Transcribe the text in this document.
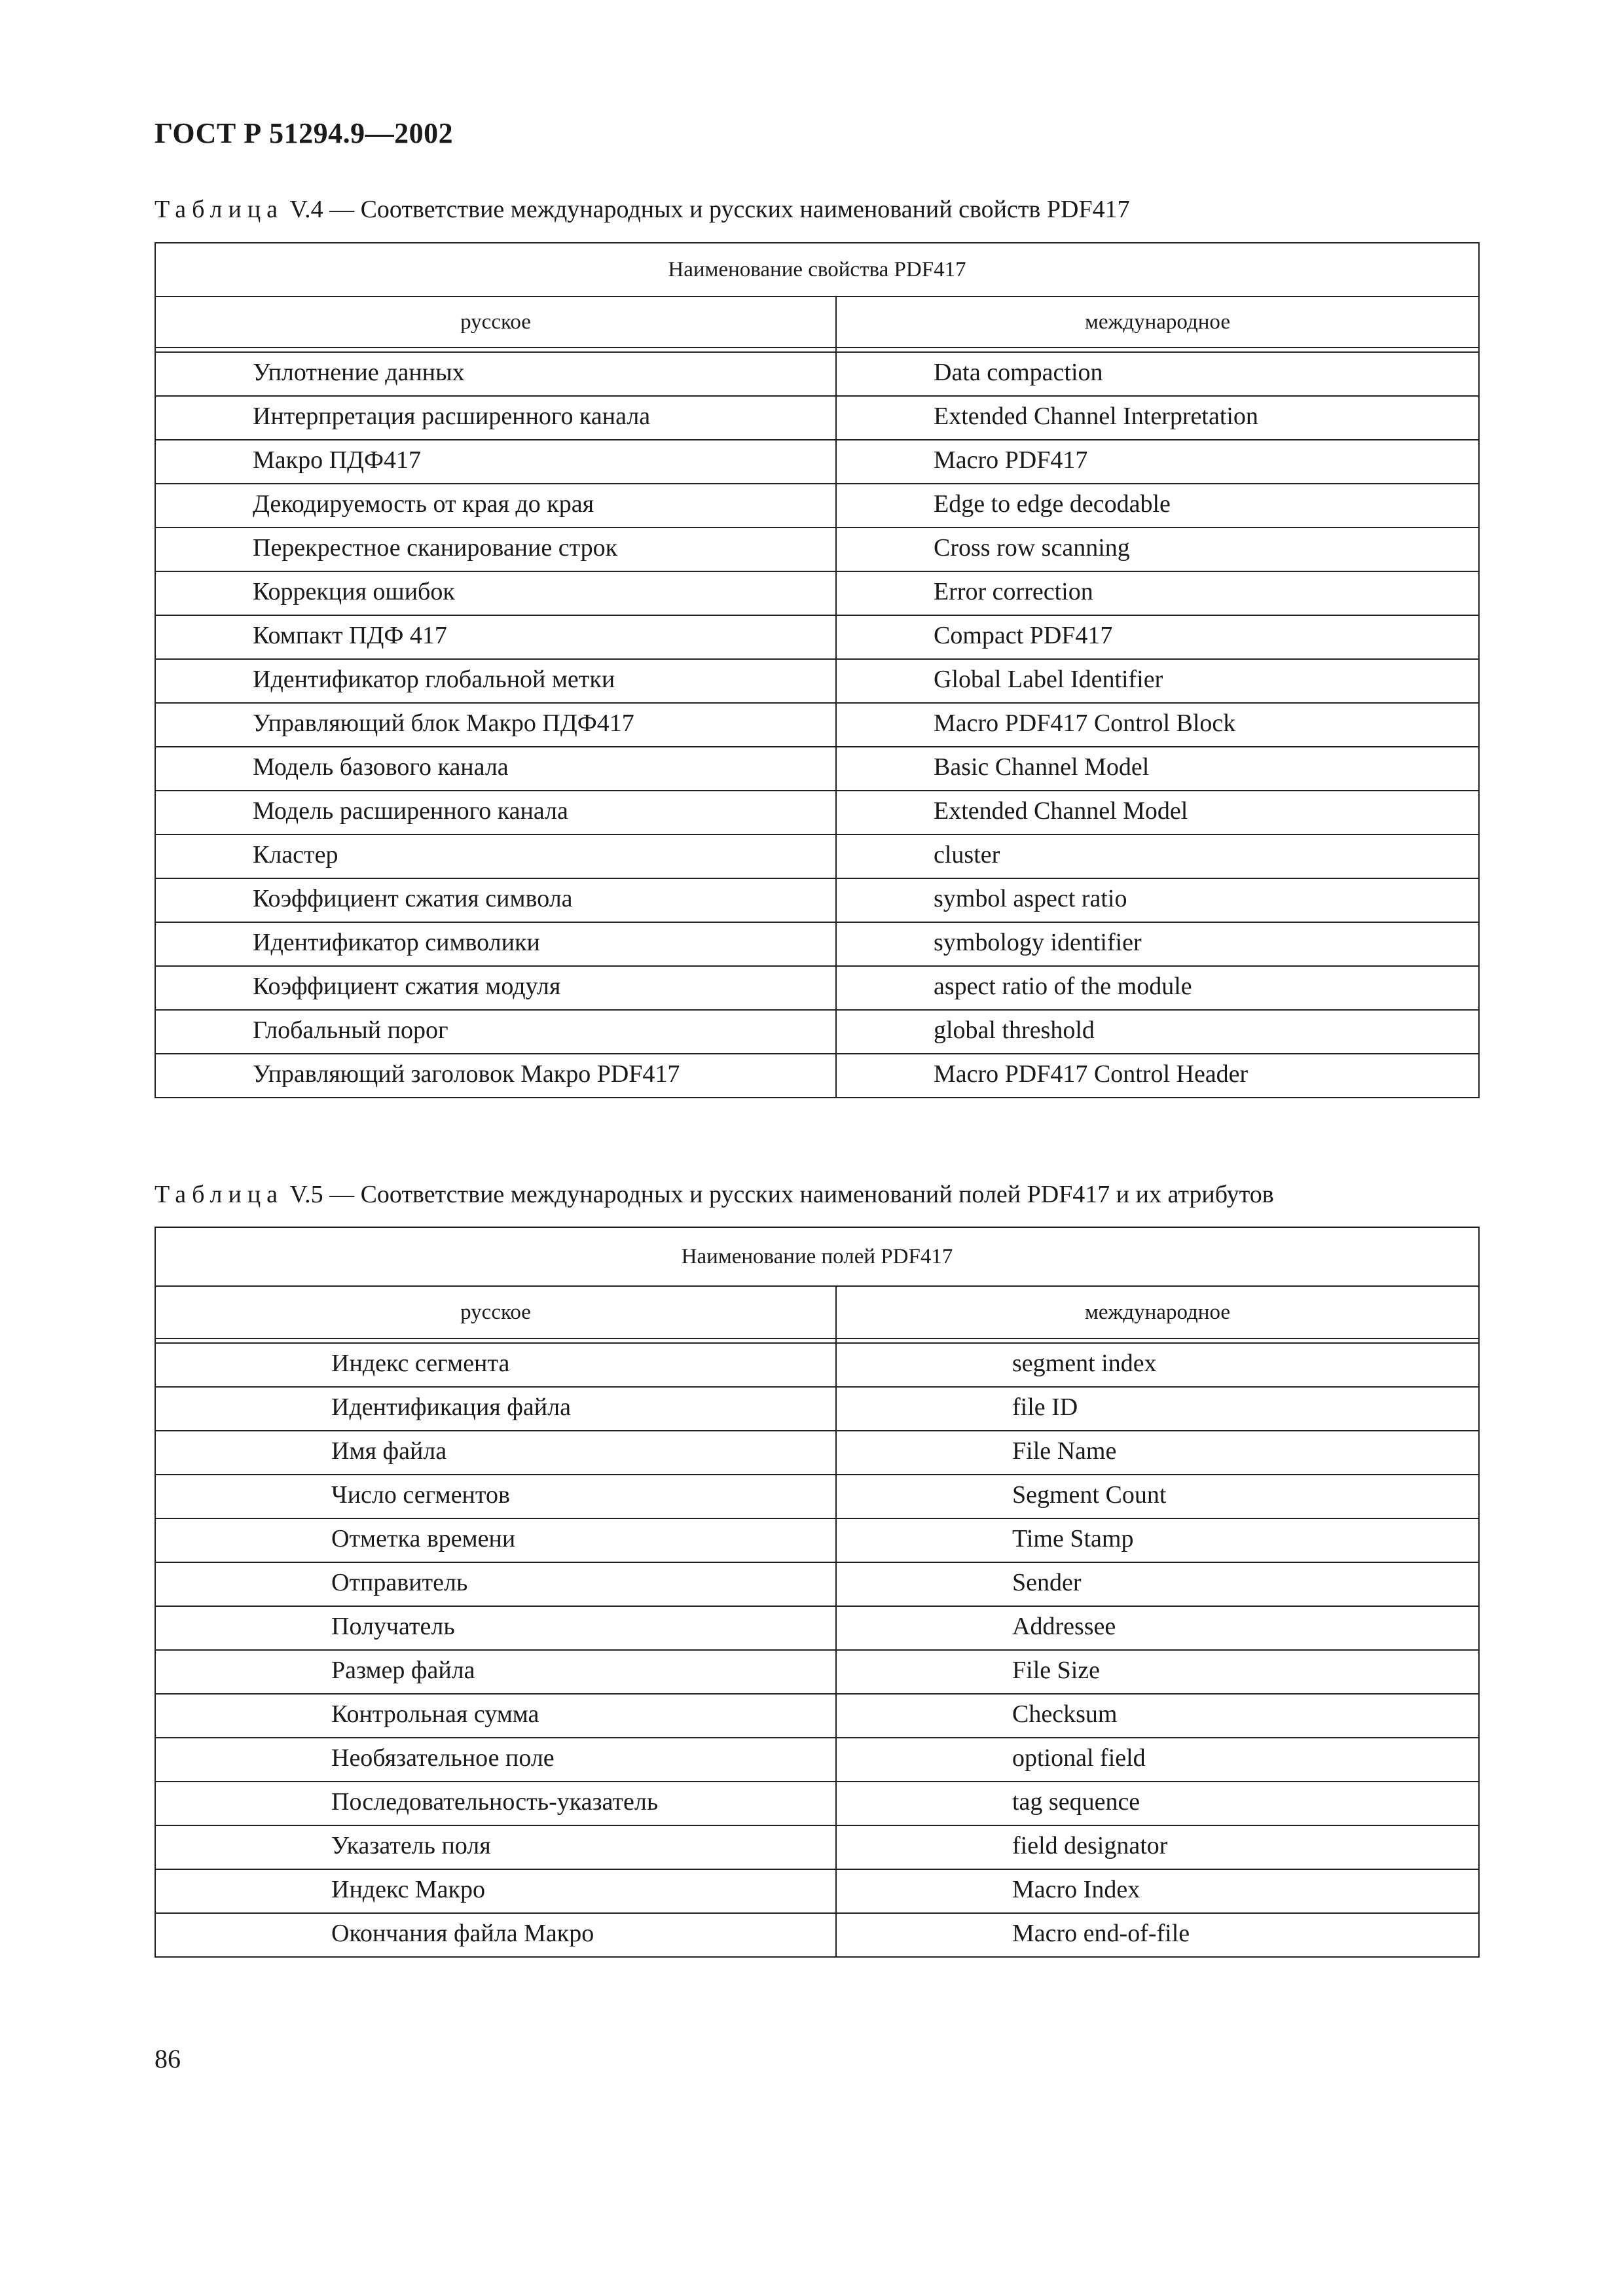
ГОСТ Р 51294.9—2002
Таблица V.4 — Соответствие международных и русских наименований свойств PDF417
Наименование свойства PDF417	
русское	международное

Уплотнение данных	Data compaction
Интерпретация расширенного канала	Extended Channel Interpretation
Макро ПДФ417	Macro PDF417
Декодируемость от края до края	Edge to edge decodable
Перекрестное сканирование строк	Cross row scanning
Коррекция ошибок	Error correction
Компакт ПДФ 417	Compact PDF417
Идентификатор глобальной метки	Global Label Identifier
Управляющий блок Макро ПДФ417	Macro PDF417 Control Block
Модель базового канала	Basic Channel Model
Модель расширенного канала	Extended Channel Model
Кластер	cluster
Коэффициент сжатия символа	symbol aspect ratio
Идентификатор символики	symbology identifier
Коэффициент сжатия модуля	aspect ratio of the module
Глобальный порог	global threshold
Управляющий заголовок Макро PDF417	Macro PDF417 Control Header
Таблица V.5 — Соответствие международных и русских наименований полей PDF417 и их атрибутов
Наименование полей PDF417	
русское	международное

Индекс сегмента	segment index
Идентификация файла	file ID
Имя файла	File Name
Число сегментов	Segment Count
Отметка времени	Time Stamp
Отправитель	Sender
Получатель	Addressee
Размер файла	File Size
Контрольная сумма	Checksum
Необязательное поле	optional field
Последовательность-указатель	tag sequence
Указатель поля	field designator
Индекс Макро	Macro Index
Окончания файла Макро	Macro end-of-file
86
